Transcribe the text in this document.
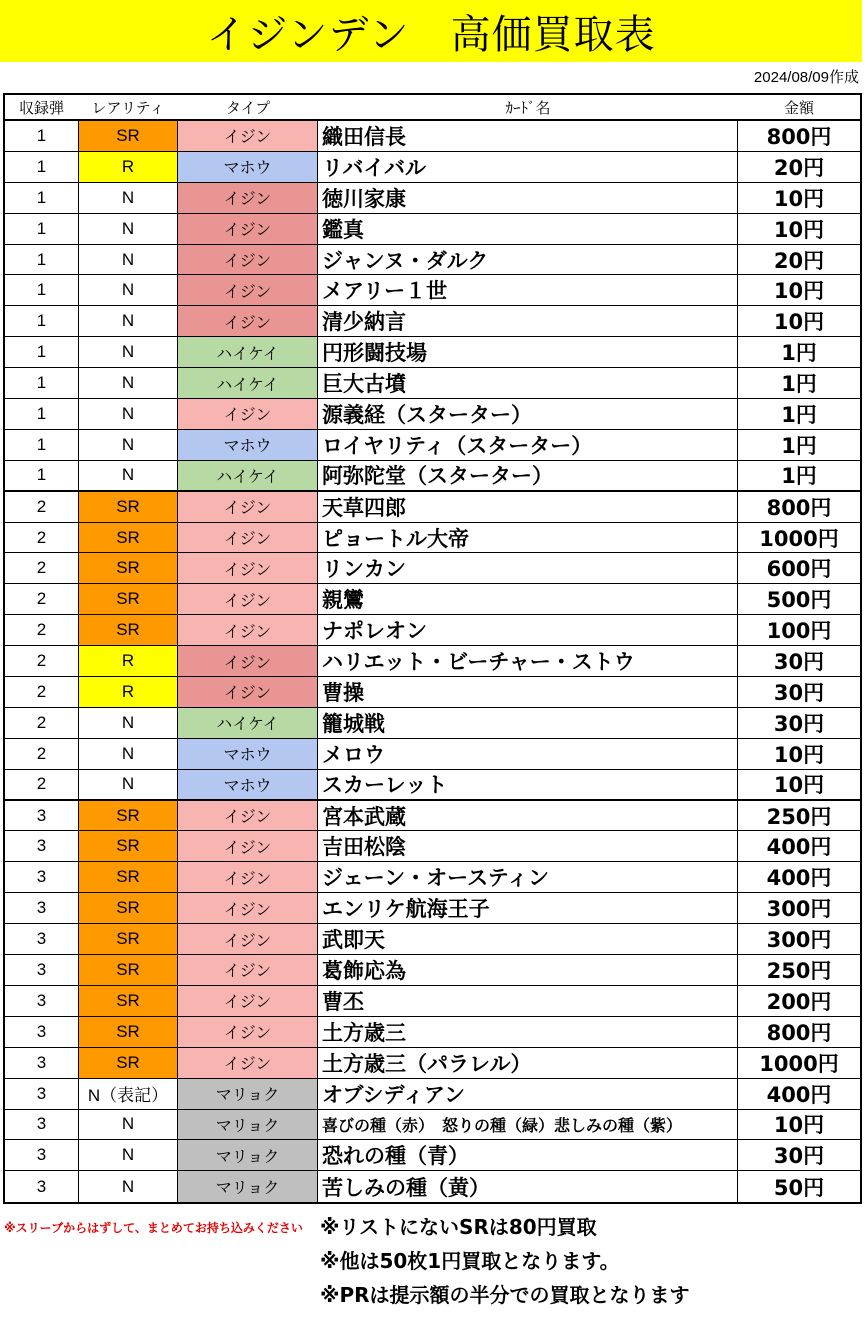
イジンデン　高価買取表
2024/08/09作成
収録弾	レアリティ	タイプ	ｶｰﾄﾞ名	金額
1	SR	イジン	織田信長	800円
1	R	マホウ	リバイバル	20円
1	N	イジン	徳川家康	10円
1	N	イジン	鑑真	10円
1	N	イジン	ジャンヌ・ダルク	20円
1	N	イジン	メアリー１世	10円
1	N	イジン	清少納言	10円
1	N	ハイケイ	円形闘技場	1円
1	N	ハイケイ	巨大古墳	1円
1	N	イジン	源義経（スターター）	1円
1	N	マホウ	ロイヤリティ（スターター）	1円
1	N	ハイケイ	阿弥陀堂（スターター）	1円
2	SR	イジン	天草四郎	800円
2	SR	イジン	ピョートル大帝	1000円
2	SR	イジン	リンカン	600円
2	SR	イジン	親鸞	500円
2	SR	イジン	ナポレオン	100円
2	R	イジン	ハリエット・ビーチャー・ストウ	30円
2	R	イジン	曹操	30円
2	N	ハイケイ	籠城戦	30円
2	N	マホウ	メロウ	10円
2	N	マホウ	スカーレット	10円
3	SR	イジン	宮本武蔵	250円
3	SR	イジン	吉田松陰	400円
3	SR	イジン	ジェーン・オースティン	400円
3	SR	イジン	エンリケ航海王子	300円
3	SR	イジン	武即天	300円
3	SR	イジン	葛飾応為	250円
3	SR	イジン	曹丕	200円
3	SR	イジン	土方歳三	800円
3	SR	イジン	土方歳三（パラレル）	1000円
3	N（表記）	マリョク	オブシディアン	400円
3	N	マリョク	喜びの種（赤）　怒りの種（緑）悲しみの種（紫）	10円
3	N	マリョク	恐れの種（青）	30円
3	N	マリョク	苦しみの種（黄）	50円
※スリーブからはずして、まとめてお持ち込みください ※リストにないSRは80円買取
※他は50枚1円買取となります。
※PRは提示額の半分での買取となります
